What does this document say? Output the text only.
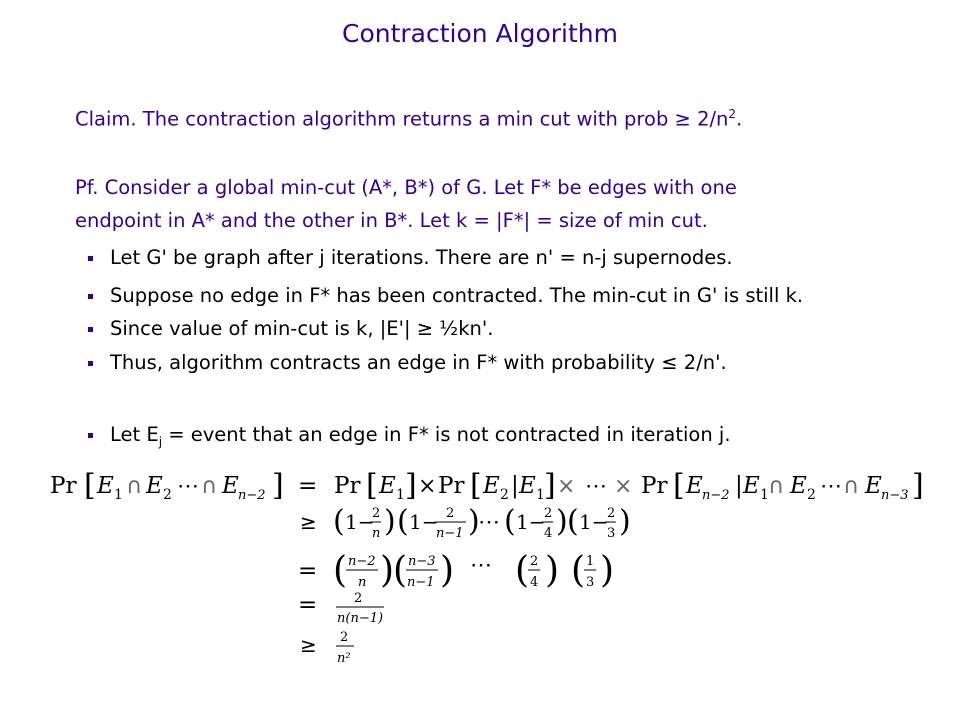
Contraction Algorithm
Claim. The contraction algorithm returns a min cut with prob ≥ $2/n^2$.
Pf. Consider a global min-cut (A*, B*) of G. Let F* be edges with one
endpoint in A* and the other in B*. Let k = |F*| = size of min cut.
Let G' be graph after j iterations. There are n' = n-j supernodes.
Suppose no edge in F* has been contracted. The min-cut in G' is still k.
Since value of min-cut is k, |E'| ≥ ½kn'.
Thus, algorithm contracts an edge in F* with probability ≤ 2/n'.
Let $E_j$ = event that an edge in F* is not contracted in iteration j.
Pr [ E 1 ∩ E 2 ⋯ ∩ E n−2 ] = Pr [ E 1 ] × Pr [ E 2 | E 1 ] × ⋯ × Pr [ E n−2 | E 1 ∩ E 2 ⋯ ∩ E n−3 ]
≥ ( 1−
2
n ) ( 1− 2
n−1 )
⋯ ( 1−
2
4 ) ( 1−
2
3 )
= ( n−2
n )
( n−3
n−1 ) ⋯ ( 2
4 ) ( 1
3 )
=	2
n(n−1)
≥ 2
n²
